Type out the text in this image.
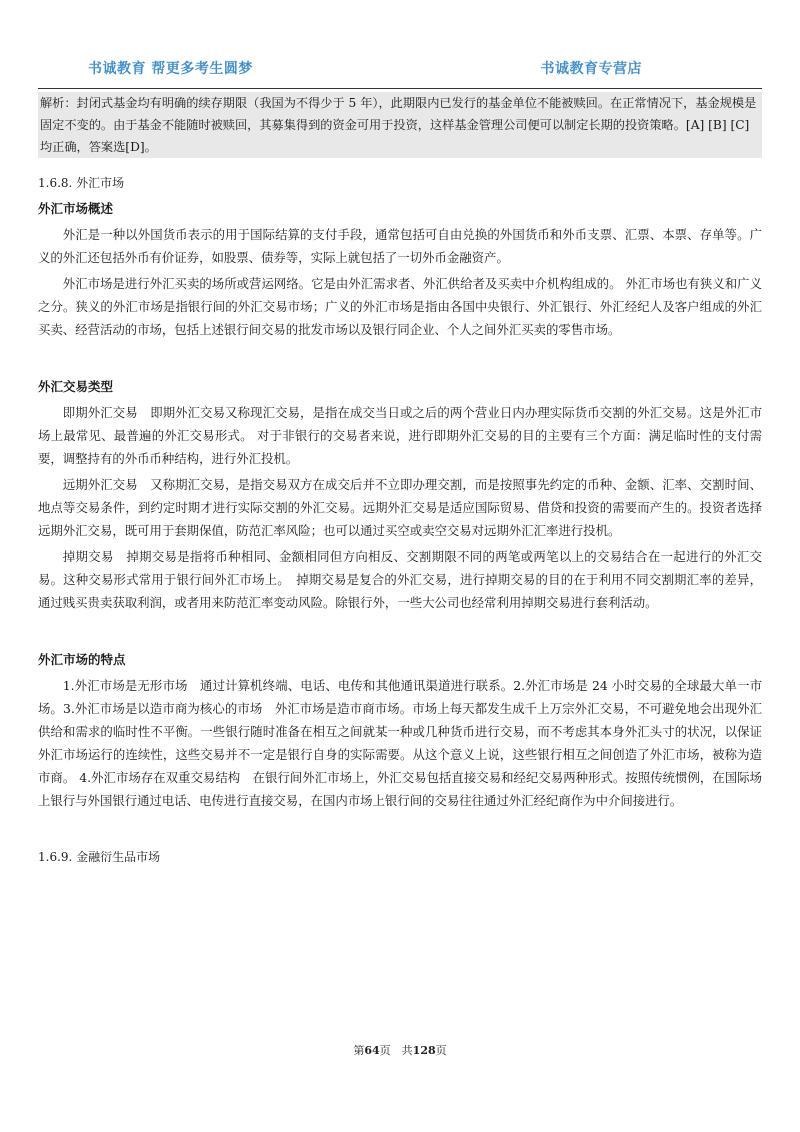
书诚教育 帮更多考生圆梦	书诚教育专营店
解析：封闭式基金均有明确的续存期限（我国为不得少于 5 年），此期限内已发行的基金单位不能被赎回。在正常情况下，基金规模是固定不变的。由于基金不能随时被赎回，其募集得到的资金可用于投资，这样基金管理公司便可以制定长期的投资策略。[A] [B] [C]均正确，答案选[D]。
1.6.8. 外汇市场
外汇市场概述

外汇是一种以外国货币表示的用于国际结算的支付手段，通常包括可自由兑换的外国货币和外币支票、汇票、本票、存单等。广义的外汇还包括外币有价证券，如股票、债券等，实际上就包括了一切外币金融资产。

外汇市场是进行外汇买卖的场所或营运网络。它是由外汇需求者、外汇供给者及买卖中介机构组成的。 外汇市场也有狭义和广义之分。狭义的外汇市场是指银行间的外汇交易市场；广义的外汇市场是指由各国中央银行、外汇银行、外汇经纪人及客户组成的外汇买卖、经营活动的市场，包括上述银行间交易的批发市场以及银行同企业、个人之间外汇买卖的零售市场。

外汇交易类型

即期外汇交易　即期外汇交易又称现汇交易，是指在成交当日或之后的两个营业日内办理实际货币交割的外汇交易。这是外汇市场上最常见、最普遍的外汇交易形式。 对于非银行的交易者来说，进行即期外汇交易的目的主要有三个方面：满足临时性的支付需要，调整持有的外币币种结构，进行外汇投机。

远期外汇交易　又称期汇交易，是指交易双方在成交后并不立即办理交割，而是按照事先约定的币种、金额、汇率、交割时间、地点等交易条件，到约定时期才进行实际交割的外汇交易。远期外汇交易是适应国际贸易、借贷和投资的需要而产生的。投资者选择远期外汇交易，既可用于套期保值，防范汇率风险；也可以通过买空或卖空交易对远期外汇汇率进行投机。

掉期交易　掉期交易是指将币种相同、金额相同但方向相反、交割期限不同的两笔或两笔以上的交易结合在一起进行的外汇交易。这种交易形式常用于银行间外汇市场上。　掉期交易是复合的外汇交易，进行掉期交易的目的在于利用不同交割期汇率的差异，通过贱买贵卖获取利润，或者用来防范汇率变动风险。除银行外，一些大公司也经常利用掉期交易进行套利活动。

外汇市场的特点

1.外汇市场是无形市场　通过计算机终端、电话、电传和其他通讯渠道进行联系。2.外汇市场是 24 小时交易的全球最大单一市场。3.外汇市场是以造市商为核心的市场　外汇市场是造市商市场。市场上每天都发生成千上万宗外汇交易，不可避免地会出现外汇供给和需求的临时性不平衡。一些银行随时准备在相互之间就某一种或几种货币进行交易，而不考虑其本身外汇头寸的状况，以保证外汇市场运行的连续性，这些交易并不一定是银行自身的实际需要。从这个意义上说，这些银行相互之间创造了外汇市场，被称为造市商。 4.外汇市场存在双重交易结构　在银行间外汇市场上，外汇交易包括直接交易和经纪交易两种形式。按照传统惯例，在国际场上银行与外国银行通过电话、电传进行直接交易，在国内市场上银行间的交易往往通过外汇经纪商作为中介间接进行。

1.6.9. 金融衍生品市场
第64页　共128页
